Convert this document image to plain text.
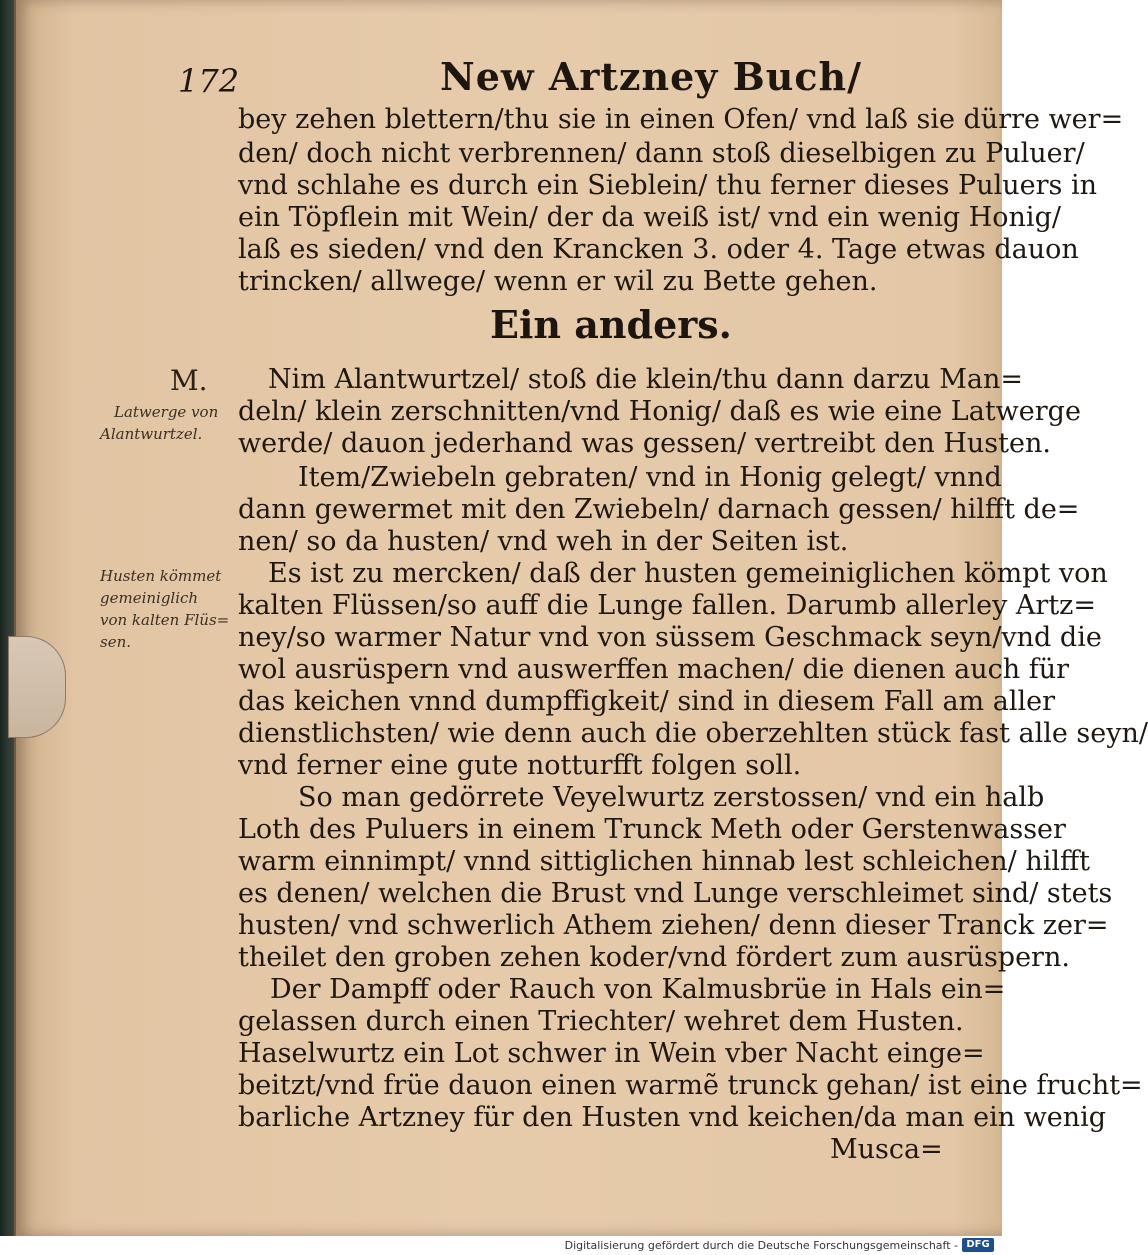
172	New Artzney Buch/
bey zehen blettern/thu sie in einen Ofen/ vnd laß sie dürre wer=
den/ doch nicht verbrennen/ dann stoß dieselbigen zu Puluer/
vnd schlahe es durch ein Sieblein/ thu ferner dieses Puluers in
ein Töpflein mit Wein/ der da weiß ist/ vnd ein wenig Honig/
laß es sieden/ vnd den Krancken 3. oder 4. Tage etwas dauon
trincken/ allwege/ wenn er wil zu Bette gehen.
Ein anders.
M.
Latwerge von
Alantwurtzel.
Husten kömmet
gemeiniglich
von kalten Flüs=
sen.
Nim Alantwurtzel/ stoß die klein/thu dann darzu Man=
deln/ klein zerschnitten/vnd Honig/ daß es wie eine Latwerge
werde/ dauon jederhand was gessen/ vertreibt den Husten.
Item/Zwiebeln gebraten/ vnd in Honig gelegt/ vnnd
dann gewermet mit den Zwiebeln/ darnach gessen/ hilfft de=
nen/ so da husten/ vnd weh in der Seiten ist.
Es ist zu mercken/ daß der husten gemeiniglichen kömpt von
kalten Flüssen/so auff die Lunge fallen. Darumb allerley Artz=
ney/so warmer Natur vnd von süssem Geschmack seyn/vnd die
wol ausrüspern vnd auswerffen machen/ die dienen auch für
das keichen vnnd dumpffigkeit/ sind in diesem Fall am aller
dienstlichsten/ wie denn auch die oberzehlten stück fast alle seyn/
vnd ferner eine gute notturfft folgen soll.
So man gedörrete Veyelwurtz zerstossen/ vnd ein halb
Loth des Puluers in einem Trunck Meth oder Gerstenwasser
warm einnimpt/ vnnd sittiglichen hinnab lest schleichen/ hilfft
es denen/ welchen die Brust vnd Lunge verschleimet sind/ stets
husten/ vnd schwerlich Athem ziehen/ denn dieser Tranck zer=
theilet den groben zehen koder/vnd fördert zum ausrüspern.
Der Dampff oder Rauch von Kalmusbrüe in Hals ein=
gelassen durch einen Triechter/ wehret dem Husten.
Haselwurtz ein Lot schwer in Wein vber Nacht einge=
beitzt/vnd früe dauon einen warmẽ trunck gehan/ ist eine frucht=
barliche Artzney für den Husten vnd keichen/da man ein wenig
Musca=
Digitalisierung gefördert durch die Deutsche Forschungsgemeinschaft - DFG
